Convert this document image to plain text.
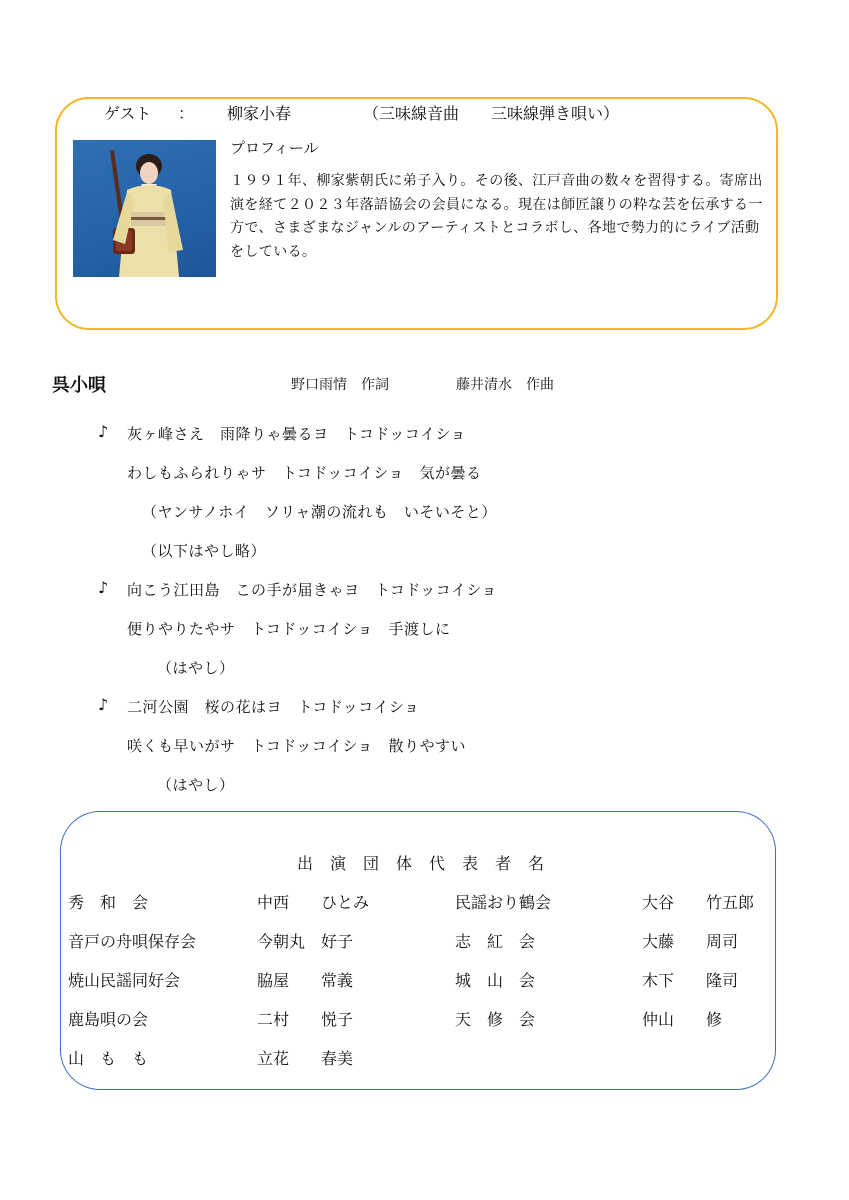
ゲスト ： 柳家小春	（三味線音曲　　三味線弾き唄い）
プロフィール
１９９１年、柳家紫朝氏に弟子入り。その後、江戸音曲の数々を習得する。寄席出
演を経て２０２３年落語協会の会員になる。現在は師匠譲りの粋な芸を伝承する一
方で、さまざまなジャンルのアーティストとコラボし、各地で勢力的にライブ活動
をしている。
呉小唄	野口雨情　作詞	藤井清水　作曲
♪ 灰ヶ峰さえ　雨降りゃ曇るヨ　トコドッコイショ
わしもふられりゃサ　トコドッコイショ　気が曇る
（ヤンサノホイ　ソリャ潮の流れも　いそいそと）
（以下はやし略）
♪ 向こう江田島　この手が届きゃヨ　トコドッコイショ
便りやりたやサ　トコドッコイショ　手渡しに
（はやし）
♪ 二河公園　桜の花はヨ　トコドッコイショ
咲くも早いがサ　トコドッコイショ　散りやすい
（はやし）
出演団体代表者名
秀　和　会	中西　　ひとみ	民謡おり鶴会	大谷　　竹五郎
音戸の舟唄保存会	今朝丸　好子	志　紅　会	大藤　　周司
焼山民謡同好会	脇屋　　常義	城　山　会	木下　　隆司
鹿島唄の会	二村　　悦子	天　修　会	仲山　　修
山　も　も	立花　　春美
